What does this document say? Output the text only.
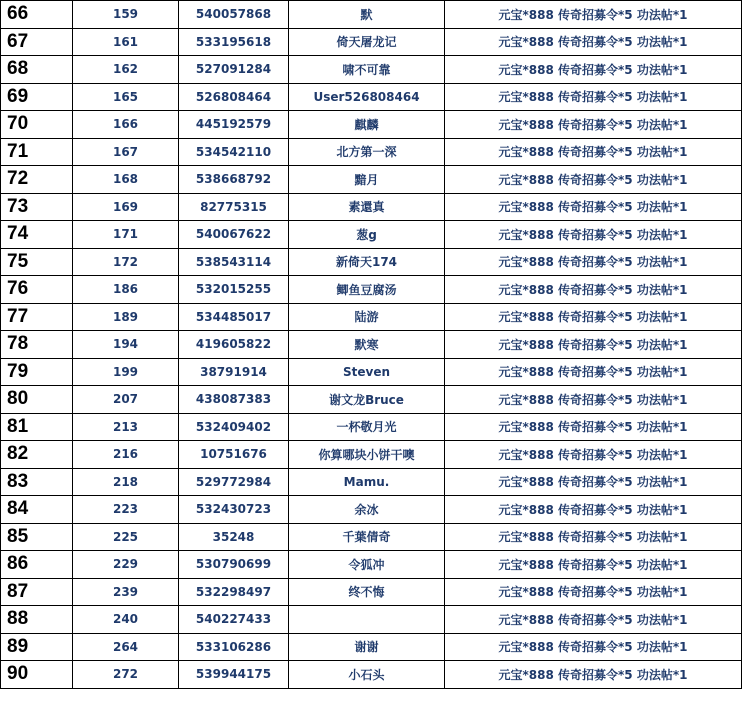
66	159	540057868	默	元宝*888 传奇招募令*5 功法帖*1
67	161	533195618	倚天屠龙记	元宝*888 传奇招募令*5 功法帖*1
68	162	527091284	啸不可靠	元宝*888 传奇招募令*5 功法帖*1
69	165	526808464	User526808464	元宝*888 传奇招募令*5 功法帖*1
70	166	445192579	麒麟	元宝*888 传奇招募令*5 功法帖*1
71	167	534542110	北方第一深	元宝*888 传奇招募令*5 功法帖*1
72	168	538668792	黯月	元宝*888 传奇招募令*5 功法帖*1
73	169	82775315	素還真	元宝*888 传奇招募令*5 功法帖*1
74	171	540067622	葱g	元宝*888 传奇招募令*5 功法帖*1
75	172	538543114	新倚天174	元宝*888 传奇招募令*5 功法帖*1
76	186	532015255	鲫鱼豆腐汤	元宝*888 传奇招募令*5 功法帖*1
77	189	534485017	陆游	元宝*888 传奇招募令*5 功法帖*1
78	194	419605822	默寒	元宝*888 传奇招募令*5 功法帖*1
79	199	38791914	Steven	元宝*888 传奇招募令*5 功法帖*1
80	207	438087383	谢文龙Bruce	元宝*888 传奇招募令*5 功法帖*1
81	213	532409402	一杯敬月光	元宝*888 传奇招募令*5 功法帖*1
82	216	10751676	你算哪块小饼干噢	元宝*888 传奇招募令*5 功法帖*1
83	218	529772984	Mamu.	元宝*888 传奇招募令*5 功法帖*1
84	223	532430723	余冰	元宝*888 传奇招募令*5 功法帖*1
85	225	35248	千葉倩奇	元宝*888 传奇招募令*5 功法帖*1
86	229	530790699	令狐冲	元宝*888 传奇招募令*5 功法帖*1
87	239	532298497	终不悔	元宝*888 传奇招募令*5 功法帖*1
88	240	540227433		元宝*888 传奇招募令*5 功法帖*1
89	264	533106286	谢谢	元宝*888 传奇招募令*5 功法帖*1
90	272	539944175	小石头	元宝*888 传奇招募令*5 功法帖*1
